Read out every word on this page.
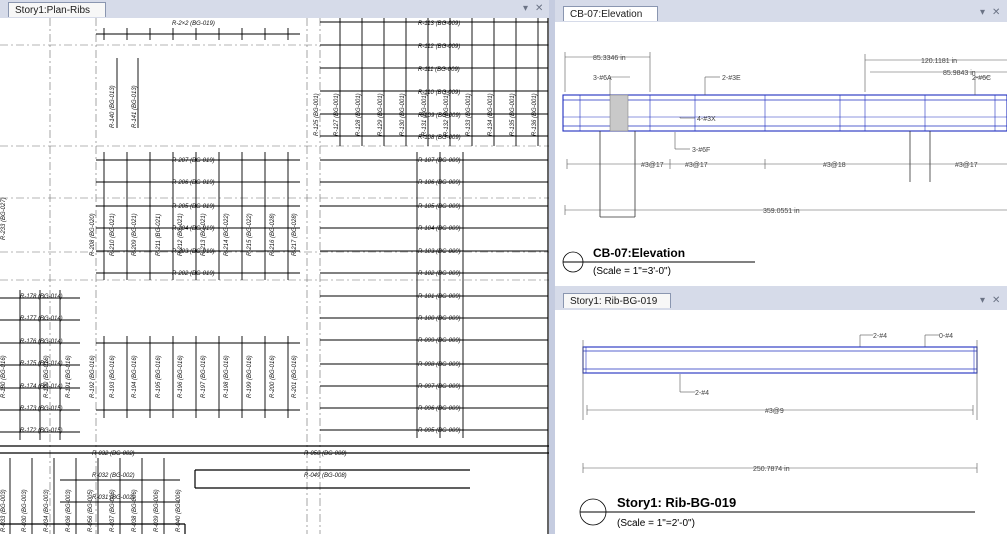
Story1:Plan-Ribs	▾ ✕
R-2×2 (BG-019)	R-113 (BG-009)
R-112 (BG-009)
R-111 (BG-009)
R-110 (BG-009)
R-109 (BG-009)
R-108 (BG-009)
R-207 (BG-019)
R-206 (BG-019)
R-205 (BG-019)
R-204 (BG-019)
R-203 (BG-019)
R-202 (BG-019)
R-107 (BG-009)
R-106 (BG-009)
R-105 (BG-009)
R-104 (BG-009)
R-103 (BG-009)
R-102 (BG-009)
R-101 (BG-009)
R-100 (BG-009)
R-099 (BG-009)
R-098 (BG-009)
R-097 (BG-009)
R-096 (BG-009)
R-095 (BG-009)
R-178 (BG-014)
R-177 (BG-014)
R-176 (BG-014)
R-175 (BG-014)
R-174 (BG-014)
R-173 (BG-015)
R-172 (BG-015)
R-032 (BG-002)
R-032 (BG-002)
R-050 (BG-008)
R-049 (BG-008)
R-031 (BG-002)
R-140 (BG-013)	R-141 (BG-013)	R-125 (BG-001) R-127 (BG-001)	R-128 (BG-001)	R-129 (BG-001)	R-130 (BG-001)	R-131 (BG-001)	R-132 (BG-001)	R-133 (BG-001)	R-134 (BG-001)	R-135 (BG-001)	R-136 (BG-001)
R-208 (BG-020) R-210 (BG-021)	R-209 (BG-021)	R-211 (BG-021)	R-212 (BG-021)	R-213 (BG-021)	R-214 (BG-022)	R-215 (BG-022)	R-216 (BG-028)	R-217 (BG-028)
R-233 (BG-027)
R-192 (BG-016) R-193 (BG-016)	R-194 (BG-016)	R-195 (BG-016)	R-196 (BG-016)	R-197 (BG-016)	R-198 (BG-016)	R-199 (BG-016)	R-200 (BG-016)	R-201 (BG-016)
R-180 (BG-016)	R-190 (BG-016)	R-191 (BG-016)
R-030 (BG-003)	R-034 (BG-003)	R-036 (BG-003)	R-056 (BG-005)	R-037 (BG-006)	R-038 (BG-006)	R-039 (BG-006)	R-040 (BG-006)
R-033 (BG-003)
CB-07:Elevation	▾ ✕
85.3346 in	120.1181 in
85.9843 in
3-#6A	2-#3E	2-#6C
4-#3X
3-#6F
#3@17	#3@17	#3@18	#3@17
359.0551 in
CB-07:Elevation
(Scale = 1"=3'-0")
Story1: Rib-BG-019	▾ ✕
2-#4	0-#4
2-#4
#3@9
250.7874 in
Story1: Rib-BG-019
(Scale = 1"=2'-0")
